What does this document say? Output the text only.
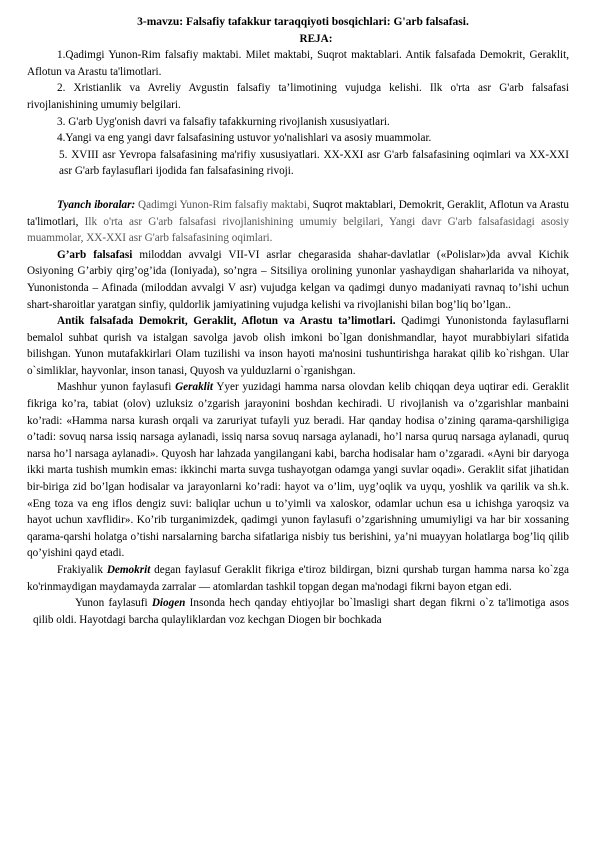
3-mavzu: Falsafiy tafakkur taraqqiyoti bosqichlari: G'arb falsafasi.

REJA:

1.Qadimgi Yunon-Rim falsafiy maktabi. Milet maktabi, Suqrot maktablari. Antik falsafada Demokrit, Geraklit, Aflotun va Arastu ta'limotlari.

2. Xristianlik va Avreliy Avgustin falsafiy ta’limotining vujudga kelishi. Ilk o'rta asr G'arb falsafasi rivojlanishining umumiy belgilari.

3. G'arb Uyg'onish davri va falsafiy tafakkurning rivojlanish xususiyatlari.

4.Yangi va eng yangi davr falsafasining ustuvor yo'nalishlari va asosiy muammolar.

5. XVIII asr Yevropa falsafasining ma'rifiy xususiyatlari. XX-XXI asr G'arb falsafasining oqimlari va XX-XXI asr G'arb faylasuflari ijodida fan falsafasining rivoji.

Tyanch iboralar: Qadimgi Yunon-Rim falsafiy maktabi, Suqrot maktablari, Demokrit, Geraklit, Aflotun va Arastu ta'limotlari, Ilk o'rta asr G'arb falsafasi rivojlanishining umumiy belgilari, Yangi davr G'arb falsafasidagi asosiy muammolar, XX-XXI asr G'arb falsafasining oqimlari.

G’arb falsafasi miloddan avvalgi VII-VI asrlar chegarasida shahar-davlatlar («Polislar»)da avval Kichik Osiyoning G’arbiy qirg’og’ida (Ioniyada), so’ngra – Sitsiliya orolining yunonlar yashaydigan shaharlarida va nihoyat, Yunonistonda – Afinada (miloddan avvalgi V asr) vujudga kelgan va qadimgi dunyo madaniyati ravnaq to’ishi uchun shart-sharoitlar yaratgan sinfiy, quldorlik jamiyatining vujudga kelishi va rivojlanishi bilan bog’liq bo’lgan..

Antik falsafada Demokrit, Geraklit, Aflotun va Arastu ta’limotlari. Qadimgi Yunonistonda faylasuflarni bemalol suhbat qurish va istalgan savolga javob olish imkoni bo`lgan donishmandlar, hayot murabbiylari sifatida bilishgan. Yunon mutafakkirlari Olam tuzilishi va inson hayoti ma'nosini tushuntirishga harakat qilib ko`rishgan. Ular o`simliklar, hayvonlar, inson tanasi, Quyosh va yulduzlarni o`rganishgan.

Mashhur yunon faylasufi Geraklit Yyer yuzidagi hamma narsa olovdan kelib chiqqan deya uqtirar edi. Geraklit fikriga ko’ra, tabiat (olov) uzluksiz o’zgarish jarayonini boshdan kechiradi. U rivojlanish va o’zgarishlar manbaini ko’radi: «Hamma narsa kurash orqali va zaruriyat tufayli yuz beradi. Har qanday hodisa o’zining qarama-qarshiligiga o’tadi: sovuq narsa issiq narsaga aylanadi, issiq narsa sovuq narsaga aylanadi, ho’l narsa quruq narsaga aylanadi, quruq narsa ho’l narsaga aylanadi». Quyosh har lahzada yangilangani kabi, barcha hodisalar ham o’zgaradi. «Ayni bir daryoga ikki marta tushish mumkin emas: ikkinchi marta suvga tushayotgan odamga yangi suvlar oqadi». Geraklit sifat jihatidan bir-biriga zid bo’lgan hodisalar va jarayonlarni ko’radi: hayot va o’lim, uyg’oqlik va uyqu, yoshlik va qarilik va sh.k. «Eng toza va eng iflos dengiz suvi: baliqlar uchun u to’yimli va xaloskor, odamlar uchun esa u ichishga yaroqsiz va hayot uchun xavflidir». Ko’rib turganimizdek, qadimgi yunon faylasufi o’zgarishning umumiyligi va har bir xossaning qarama-qarshi holatga o’tishi narsalarning barcha sifatlariga nisbiy tus berishini, ya’ni muayyan holatlarga bog’liq qilib qo’yishini qayd etadi.

Frakiyalik Demokrit degan faylasuf Geraklit fikriga e'tiroz bildirgan, bizni qurshab turgan hamma narsa ko`zga ko'rinmaydigan maydamayda zarralar — atomlardan tashkil topgan degan ma'nodagi fikrni bayon etgan edi.

Yunon faylasufi Diogen Insonda hech qanday ehtiyojlar bo`lmasligi shart degan fikrni o`z ta'limotiga asos qilib oldi. Hayotdagi barcha qulayliklardan voz kechgan Diogen bir bochkada
